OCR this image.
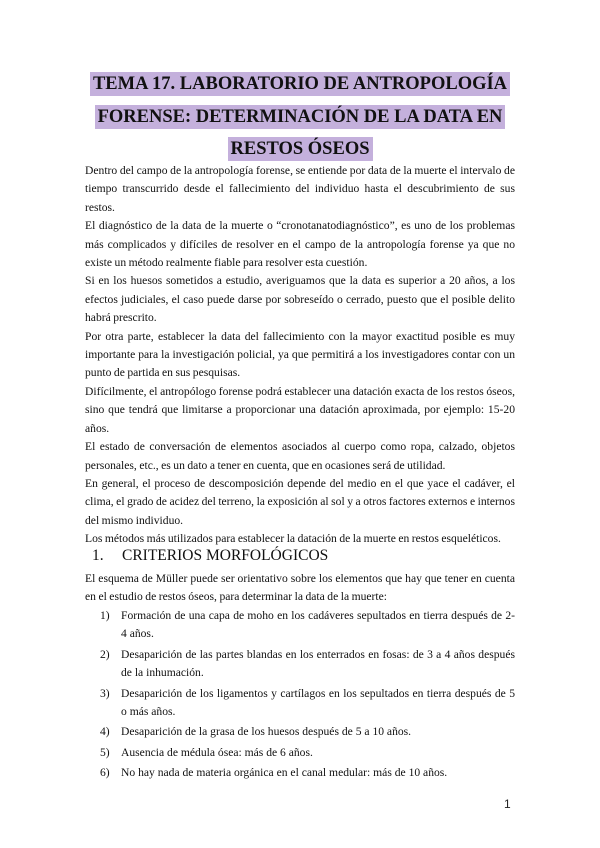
TEMA 17. LABORATORIO DE ANTROPOLOGÍA FORENSE: DETERMINACIÓN DE LA DATA EN RESTOS ÓSEOS

Dentro del campo de la antropología forense, se entiende por data de la muerte el intervalo de tiempo transcurrido desde el fallecimiento del individuo hasta el descubrimiento de sus restos.

El diagnóstico de la data de la muerte o “cronotanatodiagnóstico”, es uno de los problemas más complicados y difíciles de resolver en el campo de la antropología forense ya que no existe un método realmente fiable para resolver esta cuestión.

Si en los huesos sometidos a estudio, averiguamos que la data es superior a 20 años, a los efectos judiciales, el caso puede darse por sobreseído o cerrado, puesto que el posible delito habrá prescrito.

Por otra parte, establecer la data del fallecimiento con la mayor exactitud posible es muy importante para la investigación policial, ya que permitirá a los investigadores contar con un punto de partida en sus pesquisas.

Difícilmente, el antropólogo forense podrá establecer una datación exacta de los restos óseos, sino que tendrá que limitarse a proporcionar una datación aproximada, por ejemplo: 15-20 años.

El estado de conversación de elementos asociados al cuerpo como ropa, calzado, objetos personales, etc., es un dato a tener en cuenta, que en ocasiones será de utilidad.

En general, el proceso de descomposición depende del medio en el que yace el cadáver, el clima, el grado de acidez del terreno, la exposición al sol y a otros factores externos e internos del mismo individuo.

Los métodos más utilizados para establecer la datación de la muerte en restos esqueléticos.

1.	CRITERIOS MORFOLÓGICOS

El esquema de Müller puede ser orientativo sobre los elementos que hay que tener en cuenta en el estudio de restos óseos, para determinar la data de la muerte:

1) Formación de una capa de moho en los cadáveres sepultados en tierra después de 2-4 años.
2) Desaparición de las partes blandas en los enterrados en fosas: de 3 a 4 años después de la inhumación.
3) Desaparición de los ligamentos y cartílagos en los sepultados en tierra después de 5 o más años.
4) Desaparición de la grasa de los huesos después de 5 a 10 años.
5) Ausencia de médula ósea: más de 6 años.
6) No hay nada de materia orgánica en el canal medular: más de 10 años.
1
